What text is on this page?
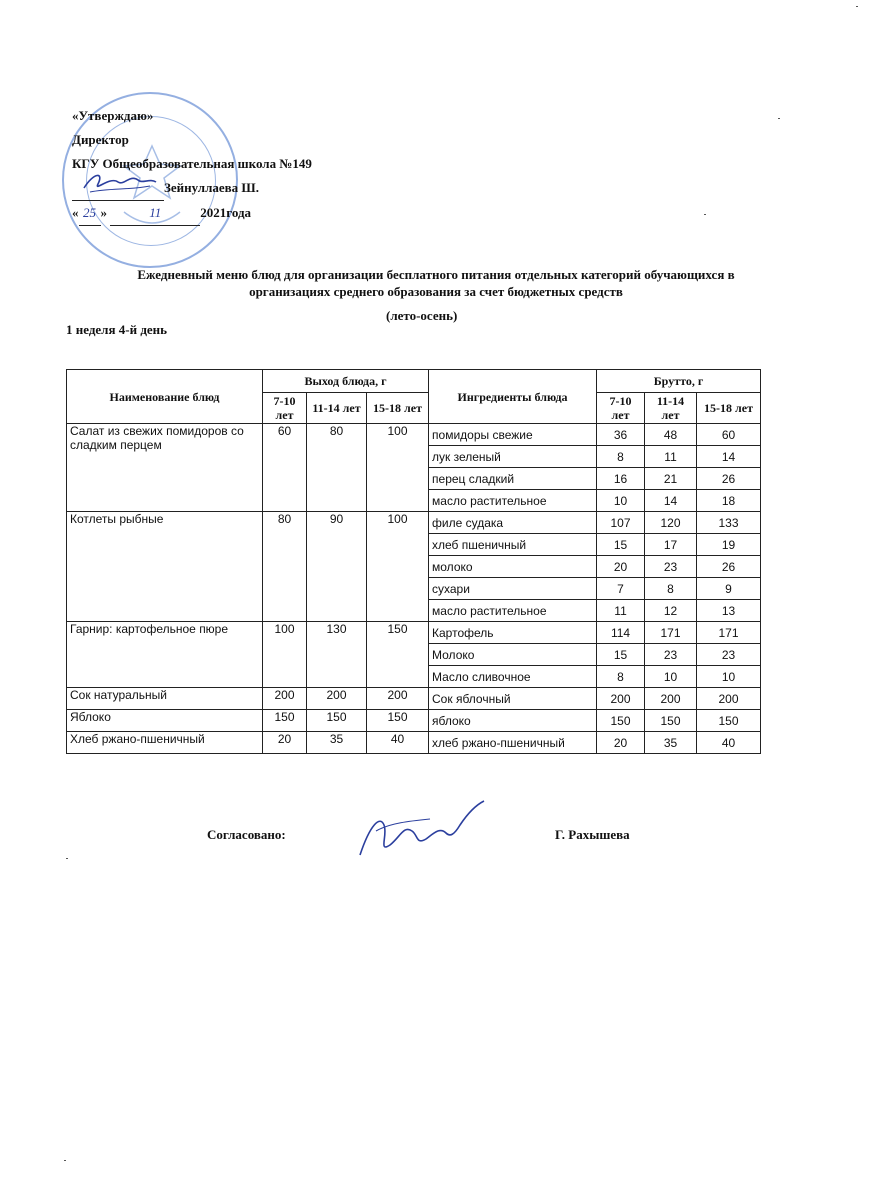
«Утверждаю»
Директор
КГУ Общеобразовательная школа №149
Зейнуллаева Ш.
« 25 »	11	2021года
Ежедневный меню блюд для организации бесплатного питания отдельных категорий обучающихся в
организациях среднего образования за счет бюджетных средств
(лето-осень)
1 неделя 4-й день
Наименование блюд	Выход блюда, г			Ингредиенты блюда	Брутто, г		
	7-10 лет	11-14 лет	15-18 лет		7-10 лет	11-14 лет	15-18 лет
Салат из свежих помидоров со сладким перцем	60	80	100	помидоры свежие	36	48	60
				лук зеленый	8	11	14
				перец сладкий	16	21	26
				масло растительное	10	14	18
Котлеты рыбные	80	90	100	филе судака	107	120	133
				хлеб пшеничный	15	17	19
				молоко	20	23	26
				сухари	7	8	9
				масло растительное	11	12	13
Гарнир: картофельное пюре	100	130	150	Картофель	114	171	171
				Молоко	15	23	23
				Масло сливочное	8	10	10
Сок натуральный	200	200	200	Сок яблочный	200	200	200
Яблоко	150	150	150	яблоко	150	150	150
Хлеб ржано-пшеничный	20	35	40	хлеб ржано-пшеничный	20	35	40
Согласовано:	Г. Рахышева
